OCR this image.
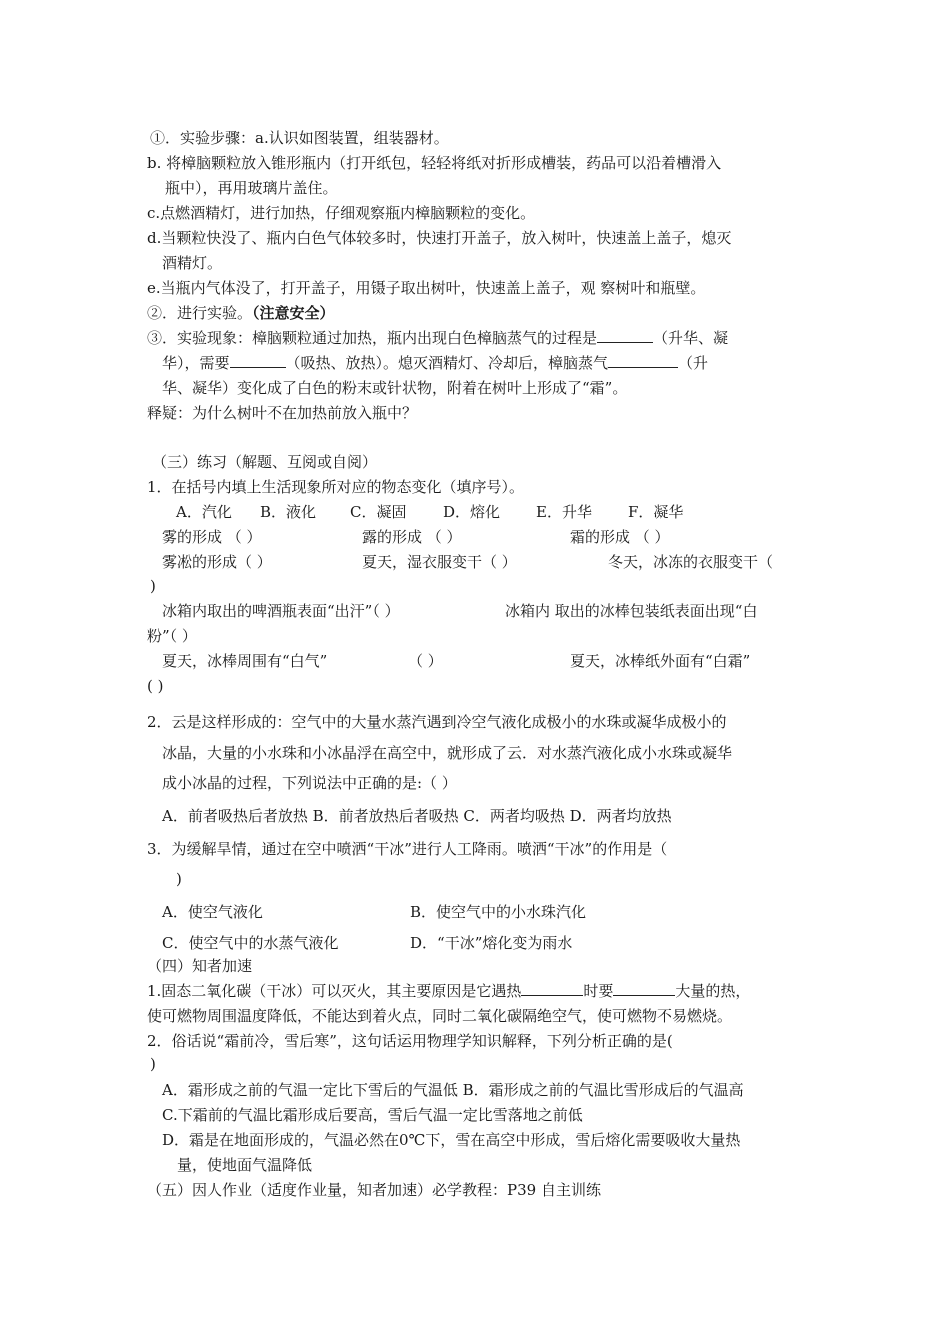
①．实验步骤：a.认识如图装置，组装器材。
b. 将樟脑颗粒放入锥形瓶内（打开纸包，轻轻将纸对折形成槽装，药品可以沿着槽滑入
瓶中），再用玻璃片盖住。
c.点燃酒精灯，进行加热，仔细观察瓶内樟脑颗粒的变化。
d.当颗粒快没了、瓶内白色气体较多时，快速打开盖子，放入树叶，快速盖上盖子，熄灭
酒精灯。
e.当瓶内气体没了，打开盖子，用镊子取出树叶，快速盖上盖子，观 察树叶和瓶壁。
②．进行实验。（注意安全）
③．实验现象：樟脑颗粒通过加热，瓶内出现白色樟脑蒸气的过程是	（升华、凝
华），需要	（吸热、放热）。熄灭酒精灯、冷却后，樟脑蒸气	（升
华、凝华）变化成了白色的粉末或针状物，附着在树叶上形成了“霜”。
释疑：为什么树叶不在加热前放入瓶中？
（三）练习（解题、互阅或自阅）
1．在括号内填上生活现象所对应的物态变化（填序号）。
A．汽化 B．液化 C．凝固 D．熔化 E．升华 F．凝华
雾的形成 （ ）	露的形成 （ ）	霜的形成 （ ）
雾凇的形成（ ）	夏天，湿衣服变干（ ）	冬天，冰冻的衣服变干（
)
冰箱内取出的啤酒瓶表面“出汗”（ ）	冰箱内 取出的冰棒包装纸表面出现“白
粉”（ ）
夏天，冰棒周围有“白气”	（ ）	夏天，冰棒纸外面有“白霜”
( )
2．云是这样形成的：空气中的大量水蒸汽遇到冷空气液化成极小的水珠或凝华成极小的
冰晶，大量的小水珠和小冰晶浮在高空中，就形成了云．对水蒸汽液化成小水珠或凝华
成小冰晶的过程，下列说法中正确的是:（ ）
A．前者吸热后者放热 B．前者放热后者吸热 C．两者均吸热 D．两者均放热
3．为缓解旱情，通过在空中喷洒“干冰”进行人工降雨。喷洒“干冰”的作用是（
)
A．使空气液化	B．使空气中的小水珠汽化
C．使空气中的水蒸气液化	D．“干冰”熔化变为雨水
（四）知者加速
1.固态二氧化碳（干冰）可以灭火，其主要原因是它遇热	时要	大量的热，
使可燃物周围温度降低，不能达到着火点，同时二氧化碳隔绝空气，使可燃物不易燃烧。
2．俗话说“霜前冷，雪后寒”，这句话运用物理学知识解释，下列分析正确的是(
)
A．霜形成之前的气温一定比下雪后的气温低 B．霜形成之前的气温比雪形成后的气温高
C.下霜前的气温比霜形成后要高，雪后气温一定比雪落地之前低
D．霜是在地面形成的，气温必然在0℃下，雪在高空中形成，雪后熔化需要吸收大量热
量，使地面气温降低
（五）因人作业（适度作业量，知者加速）必学教程：P39 自主训练
